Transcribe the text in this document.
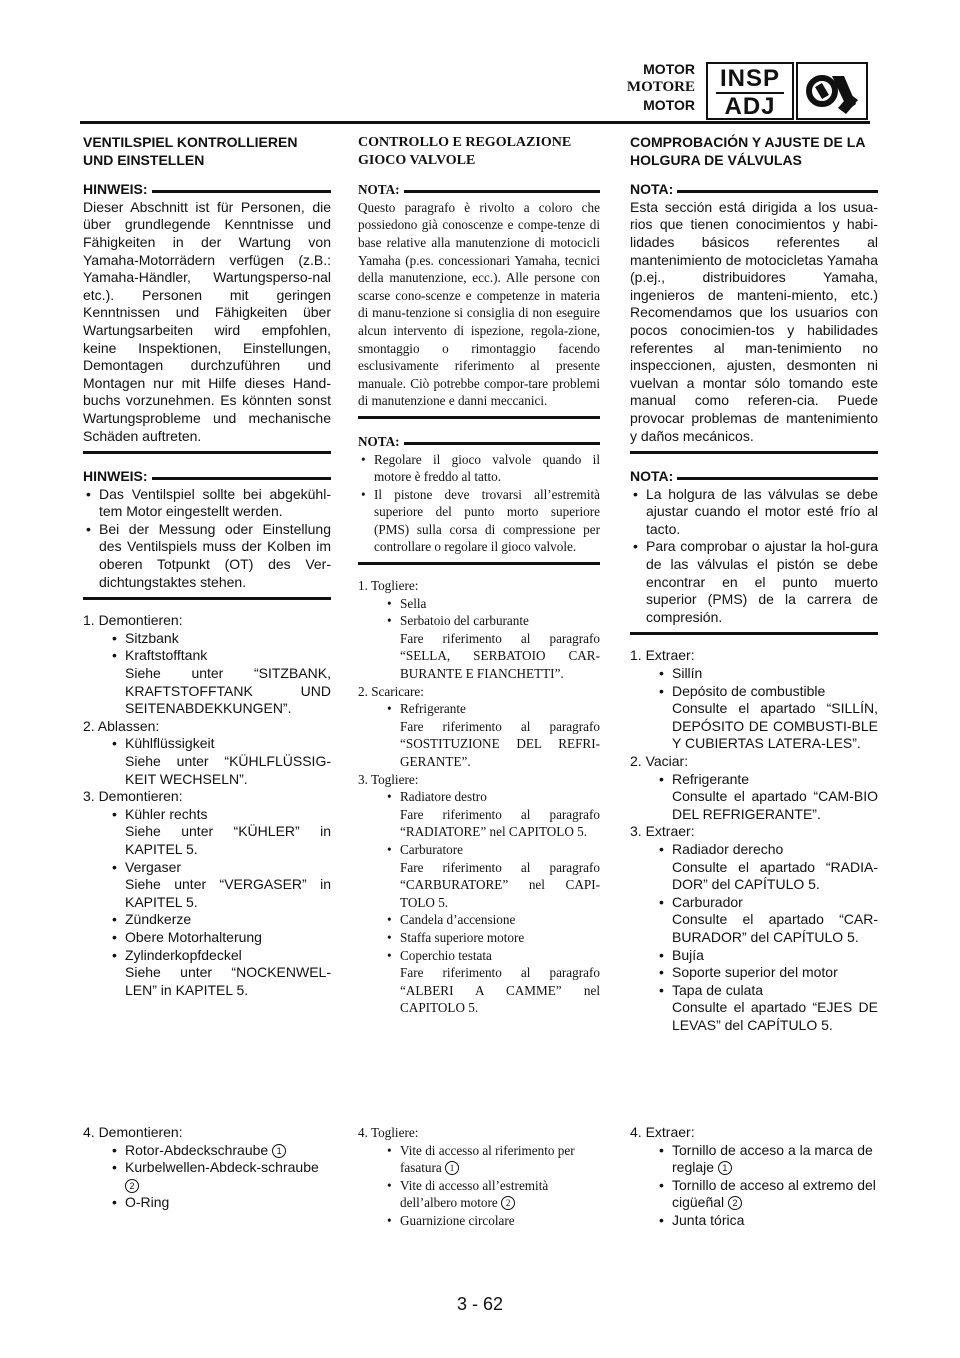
MOTOR
MOTORE
MOTOR
INSP
ADJ
VENTILSPIEL KONTROLLIEREN UND EINSTELLEN
HINWEIS:
Dieser Abschnitt ist für Personen, die über grundlegende Kenntnisse und Fähigkeiten in der Wartung von Yamaha-Motorrädern verfügen (z.B.: Yamaha-Händler, Wartungsperso-nal etc.). Personen mit geringen Kenntnissen und Fähigkeiten über Wartungsarbeiten wird empfohlen, keine Inspektionen, Einstellungen, Demontagen durchzuführen und Montagen nur mit Hilfe dieses Hand-buchs vorzunehmen. Es könnten sonst Wartungsprobleme und mechanische Schäden auftreten.
HINWEIS:
• Das Ventilspiel sollte bei abgekühl-tem Motor eingestellt werden.
• Bei der Messung oder Einstellung des Ventilspiels muss der Kolben im oberen Totpunkt (OT) des Ver-dichtungstaktes stehen.
1. Demontieren:
• Sitzbank
• Kraftstofftank
Siehe unter “SITZBANK, KRAFTSTOFFTANK UND SEITENABDEKKUNGEN”.
2. Ablassen:
• Kühlflüssigkeit
Siehe unter “KÜHLFLÜSSIG-KEIT WECHSELN”.
3. Demontieren:
• Kühler rechts
Siehe unter “KÜHLER” in KAPITEL 5.
• Vergaser
Siehe unter “VERGASER” in KAPITEL 5.
• Zündkerze
• Obere Motorhalterung
• Zylinderkopfdeckel
Siehe unter “NOCKENWEL-LEN” in KAPITEL 5.
CONTROLLO E REGOLAZIONE GIOCO VALVOLE
NOTA:
Questo paragrafo è rivolto a coloro che possiedono già conoscenze e compe-tenze di base relative alla manutenzione di motocicli Yamaha (p.es. concessionari Yamaha, tecnici della manutenzione, ecc.). Alle persone con scarse cono-scenze e competenze in materia di manu-tenzione si consiglia di non eseguire alcun intervento di ispezione, regola-zione, smontaggio o rimontaggio facendo esclusivamente riferimento al presente manuale. Ciò potrebbe compor-tare problemi di manutenzione e danni meccanici.
NOTA:
• Regolare il gioco valvole quando il motore è freddo al tatto.
• Il pistone deve trovarsi all’estremità superiore del punto morto superiore (PMS) sulla corsa di compressione per controllare o regolare il gioco valvole.
1. Togliere:
• Sella
• Serbatoio del carburante
Fare riferimento al paragrafo “SELLA, SERBATOIO CAR-BURANTE E FIANCHETTI”.
2. Scaricare:
• Refrigerante
Fare riferimento al paragrafo “SOSTITUZIONE DEL REFRI-GERANTE”.
3. Togliere:
• Radiatore destro
Fare riferimento al paragrafo “RADIATORE” nel CAPITOLO 5.
• Carburatore
Fare riferimento al paragrafo “CARBURATORE” nel CAPI-TOLO 5.
• Candela d’accensione
• Staffa superiore motore
• Coperchio testata
Fare riferimento al paragrafo “ALBERI A CAMME” nel CAPITOLO 5.
COMPROBACIÓN Y AJUSTE DE LA HOLGURA DE VÁLVULAS
NOTA:
Esta sección está dirigida a los usua-rios que tienen conocimientos y habi-lidades básicos referentes al mantenimiento de motocicletas Yamaha (p.ej., distribuidores Yamaha, ingenieros de manteni-miento, etc.) Recomendamos que los usuarios con pocos conocimien-tos y habilidades referentes al man-tenimiento no inspeccionen, ajusten, desmonten ni vuelvan a montar sólo tomando este manual como referen-cia. Puede provocar problemas de mantenimiento y daños mecánicos.
NOTA:
• La holgura de las válvulas se debe ajustar cuando el motor esté frío al tacto.
• Para comprobar o ajustar la hol-gura de las válvulas el pistón se debe encontrar en el punto muerto superior (PMS) de la carrera de compresión.
1. Extraer:
• Sillín
• Depósito de combustible
Consulte el apartado “SILLÍN, DEPÓSITO DE COMBUSTI-BLE Y CUBIERTAS LATERA-LES”.
2. Vaciar:
• Refrigerante
Consulte el apartado “CAM-BIO DEL REFRIGERANTE”.
3. Extraer:
• Radiador derecho
Consulte el apartado “RADIA-DOR” del CAPÍTULO 5.
• Carburador
Consulte el apartado “CAR-BURADOR” del CAPÍTULO 5.
• Bujía
• Soporte superior del motor
• Tapa de culata
Consulte el apartado “EJES DE LEVAS” del CAPÍTULO 5.
4. Demontieren:
• Rotor-Abdeckschraube 1
• Kurbelwellen-Abdeck-schraube 2
• O-Ring
4. Togliere:
• Vite di accesso al riferimento per fasatura 1
• Vite di accesso all’estremità dell’albero motore 2
• Guarnizione circolare
4. Extraer:
• Tornillo de acceso a la marca de reglaje 1
• Tornillo de acceso al extremo del cigüeñal 2
• Junta tórica
3 - 62
